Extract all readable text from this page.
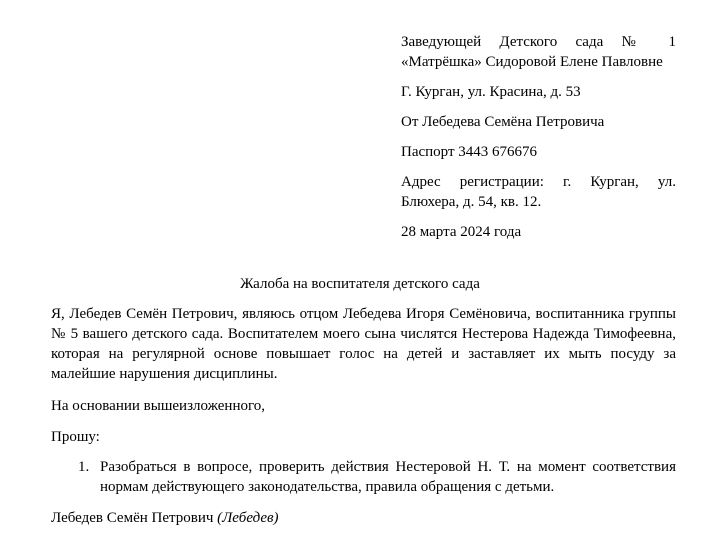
Заведующей Детского сада № 1 «Матрёшка» Сидоровой Елене Павловне
Г. Курган, ул. Красина, д. 53
От Лебедева Семёна Петровича
Паспорт 3443 676676
Адрес регистрации: г. Курган, ул. Блюхера, д. 54, кв. 12.
28 марта 2024 года
Жалоба на воспитателя детского сада
Я, Лебедев Семён Петрович, являюсь отцом Лебедева Игоря Семёновича, воспитанника группы № 5 вашего детского сада. Воспитателем моего сына числятся Нестерова Надежда Тимофеевна, которая на регулярной основе повышает голос на детей и заставляет их мыть посуду за малейшие нарушения дисциплины.
На основании вышеизложенного,
Прошу:
1. Разобраться в вопросе, проверить действия Нестеровой Н. Т. на момент соответствия нормам действующего законодательства, правила обращения с детьми.
Лебедев Семён Петрович (Лебедев)
